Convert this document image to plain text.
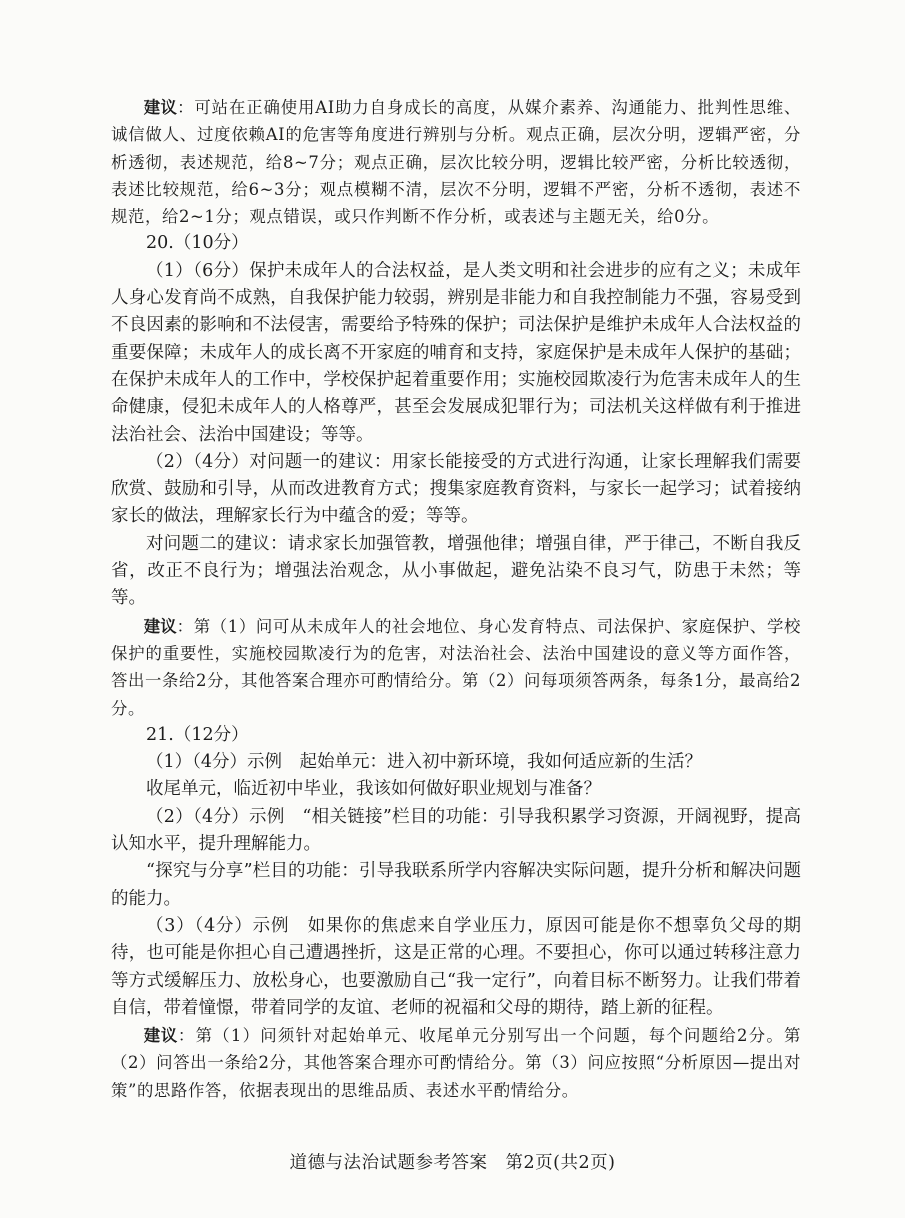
建议：可站在正确使用AI助力自身成长的高度，从媒介素养、沟通能力、批判性思维、诚信做人、过度依赖AI的危害等角度进行辨别与分析。观点正确，层次分明，逻辑严密，分析透彻，表述规范，给8~7分；观点正确，层次比较分明，逻辑比较严密，分析比较透彻，表述比较规范，给6~3分；观点模糊不清，层次不分明，逻辑不严密，分析不透彻，表述不规范，给2~1分；观点错误，或只作判断不作分析，或表述与主题无关，给0分。

20.（10分）

（1）（6分）保护未成年人的合法权益，是人类文明和社会进步的应有之义；未成年人身心发育尚不成熟，自我保护能力较弱，辨别是非能力和自我控制能力不强，容易受到不良因素的影响和不法侵害，需要给予特殊的保护；司法保护是维护未成年人合法权益的重要保障；未成年人的成长离不开家庭的哺育和支持，家庭保护是未成年人保护的基础；在保护未成年人的工作中，学校保护起着重要作用；实施校园欺凌行为危害未成年人的生命健康，侵犯未成年人的人格尊严，甚至会发展成犯罪行为；司法机关这样做有利于推进法治社会、法治中国建设；等等。

（2）（4分）对问题一的建议：用家长能接受的方式进行沟通，让家长理解我们需要欣赏、鼓励和引导，从而改进教育方式；搜集家庭教育资料，与家长一起学习；试着接纳家长的做法，理解家长行为中蕴含的爱；等等。

对问题二的建议：请求家长加强管教，增强他律；增强自律，严于律己，不断自我反省，改正不良行为；增强法治观念，从小事做起，避免沾染不良习气，防患于未然；等等。

建议：第（1）问可从未成年人的社会地位、身心发育特点、司法保护、家庭保护、学校保护的重要性，实施校园欺凌行为的危害，对法治社会、法治中国建设的意义等方面作答，答出一条给2分，其他答案合理亦可酌情给分。第（2）问每项须答两条，每条1分，最高给2分。

21.（12分）

（1）（4分）示例　起始单元：进入初中新环境，我如何适应新的生活？

收尾单元，临近初中毕业，我该如何做好职业规划与准备？

（2）（4分）示例　“相关链接”栏目的功能：引导我积累学习资源，开阔视野，提高认知水平，提升理解能力。

“探究与分享”栏目的功能：引导我联系所学内容解决实际问题，提升分析和解决问题的能力。

（3）（4分）示例　如果你的焦虑来自学业压力，原因可能是你不想辜负父母的期待，也可能是你担心自己遭遇挫折，这是正常的心理。不要担心，你可以通过转移注意力等方式缓解压力、放松身心，也要激励自己“我一定行”，向着目标不断努力。让我们带着自信，带着憧憬，带着同学的友谊、老师的祝福和父母的期待，踏上新的征程。

建议：第（1）问须针对起始单元、收尾单元分别写出一个问题，每个问题给2分。第（2）问答出一条给2分，其他答案合理亦可酌情给分。第（3）问应按照“分析原因—提出对策”的思路作答，依据表现出的思维品质、表述水平酌情给分。

道德与法治试题参考答案　第2页(共2页)
